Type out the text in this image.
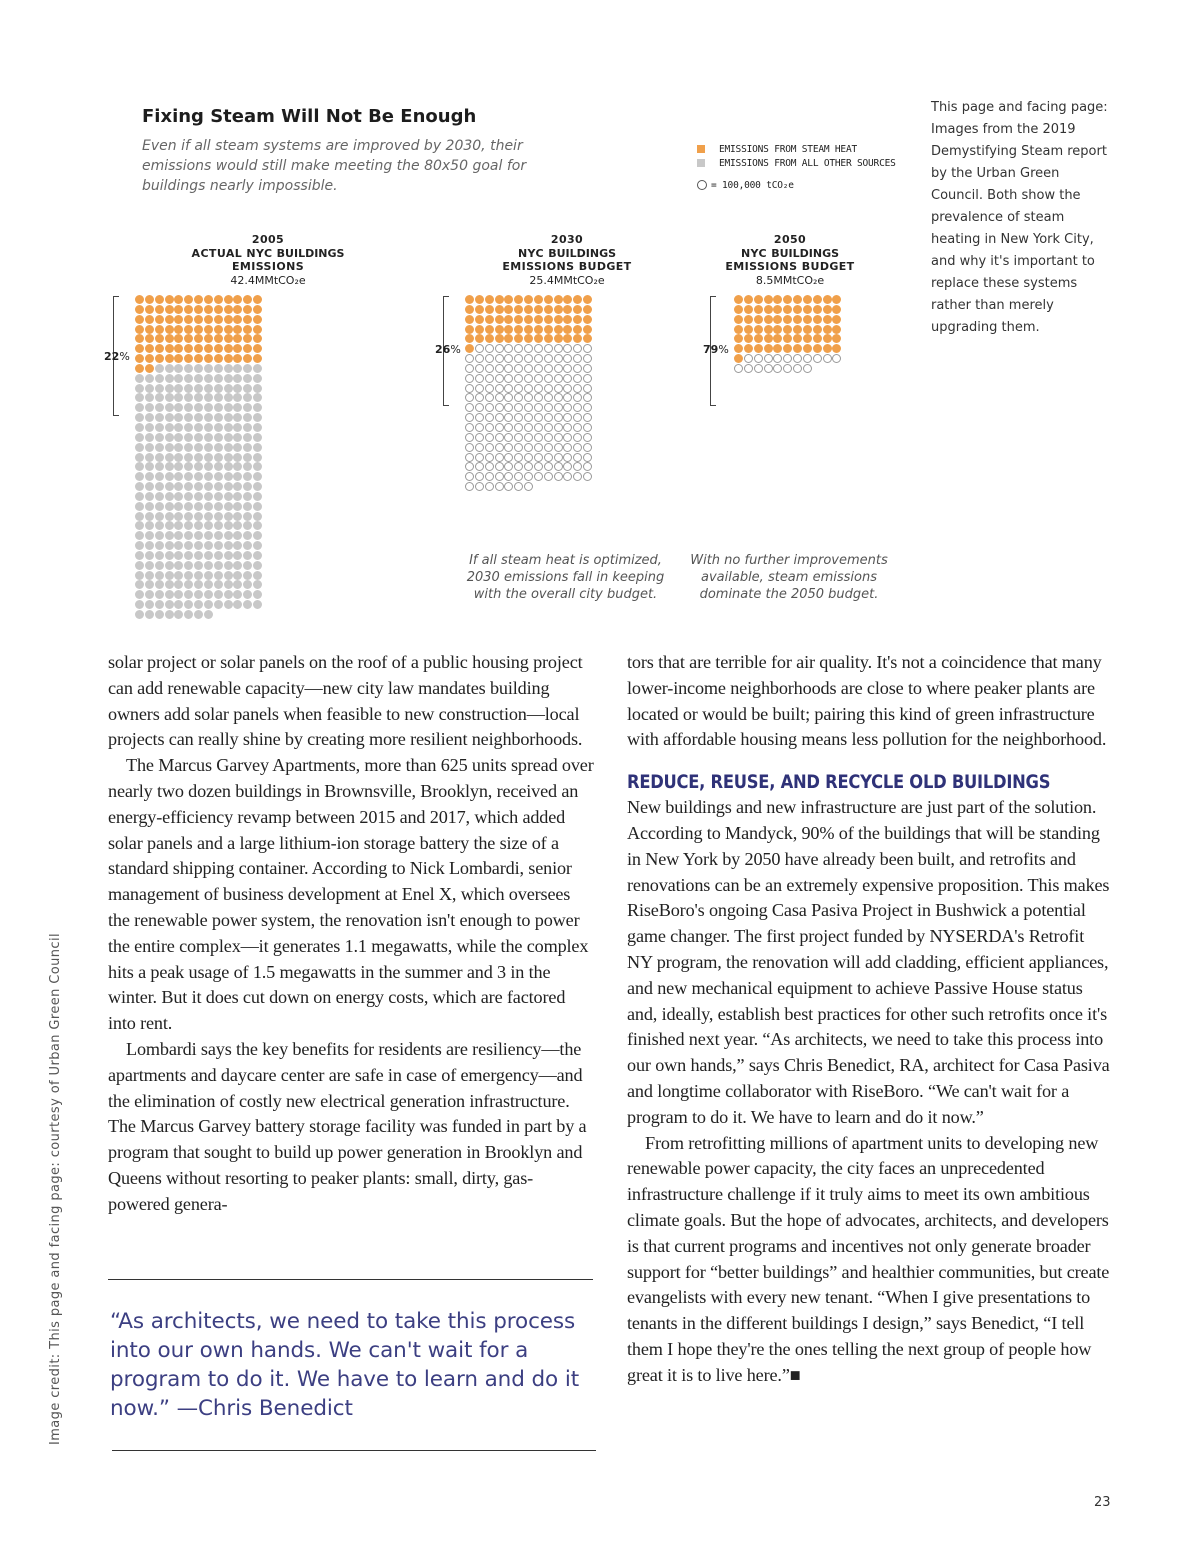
Fixing Steam Will Not Be Enough
Even if all steam systems are improved by 2030, their emissions would still make meeting the 80x50 goal for buildings nearly impossible.
EMISSIONS FROM STEAM HEAT
EMISSIONS FROM ALL OTHER SOURCES
= 100,000 tCO₂e
This page and facing page: Images from the 2019 Demystifying Steam report by the Urban Green Council. Both show the prevalence of steam heating in New York City, and why it's important to replace these systems rather than merely upgrading them.
2005
ACTUAL NYC BUILDINGS
EMISSIONS
42.4MMtCO₂e
2030
NYC BUILDINGS
EMISSIONS BUDGET
25.4MMtCO₂e
2050
NYC BUILDINGS
EMISSIONS BUDGET
8.5MMtCO₂e
22%
26%	79%
If all steam heat is optimized, 2030 emissions fall in keeping with the overall city budget.
With no further improvements available, steam emissions dominate the 2050 budget.

solar project or solar panels on the roof of a public housing project can add renewable capacity—new city law mandates building owners add solar panels when feasible to new construction—local projects can really shine by creating more resilient neighborhoods.

The Marcus Garvey Apartments, more than 625 units spread over nearly two dozen buildings in Brownsville, Brooklyn, received an energy-efficiency revamp between 2015 and 2017, which added solar panels and a large lithium-ion storage battery the size of a standard shipping container. According to Nick Lombardi, senior management of business development at Enel X, which oversees the renewable power system, the renovation isn't enough to power the entire complex—it generates 1.1 megawatts, while the complex hits a peak usage of 1.5 megawatts in the summer and 3 in the winter. But it does cut down on energy costs, which are factored into rent.

Lombardi says the key benefits for residents are resiliency—the apartments and daycare center are safe in case of emergency—and the elimination of costly new electrical generation infrastructure. The Marcus Garvey battery storage facility was funded in part by a program that sought to build up power generation in Brooklyn and Queens without resorting to peaker plants: small, dirty, gas-powered genera-

“As architects, we need to take this process into our own hands. We can't wait for a program to do it. We have to learn and do it now.” —Chris Benedict

tors that are terrible for air quality. It's not a coincidence that many lower-income neighborhoods are close to where peaker plants are located or would be built; pairing this kind of green infrastructure with affordable housing means less pollution for the neighborhood.

REDUCE, REUSE, AND RECYCLE OLD BUILDINGS

New buildings and new infrastructure are just part of the solution. According to Mandyck, 90% of the buildings that will be standing in New York by 2050 have already been built, and retrofits and renovations can be an extremely expensive proposition. This makes RiseBoro's ongoing Casa Pasiva Project in Bushwick a potential game changer. The first project funded by NYSERDA's Retrofit NY program, the renovation will add cladding, efficient appliances, and new mechanical equipment to achieve Passive House status and, ideally, establish best practices for other such retrofits once it's finished next year. “As architects, we need to take this process into our own hands,” says Chris Benedict, RA, architect for Casa Pasiva and longtime collaborator with RiseBoro. “We can't wait for a program to do it. We have to learn and do it now.”

From retrofitting millions of apartment units to developing new renewable power capacity, the city faces an unprecedented infrastructure challenge if it truly aims to meet its own ambitious climate goals. But the hope of advocates, architects, and developers is that current programs and incentives not only generate broader support for “better buildings” and healthier communities, but create evangelists with every new tenant. “When I give presentations to tenants in the different buildings I design,” says Benedict, “I tell them I hope they're the ones telling the next group of people how great it is to live here.”■

Image credit: This page and facing page: courtesy of Urban Green Council
23
